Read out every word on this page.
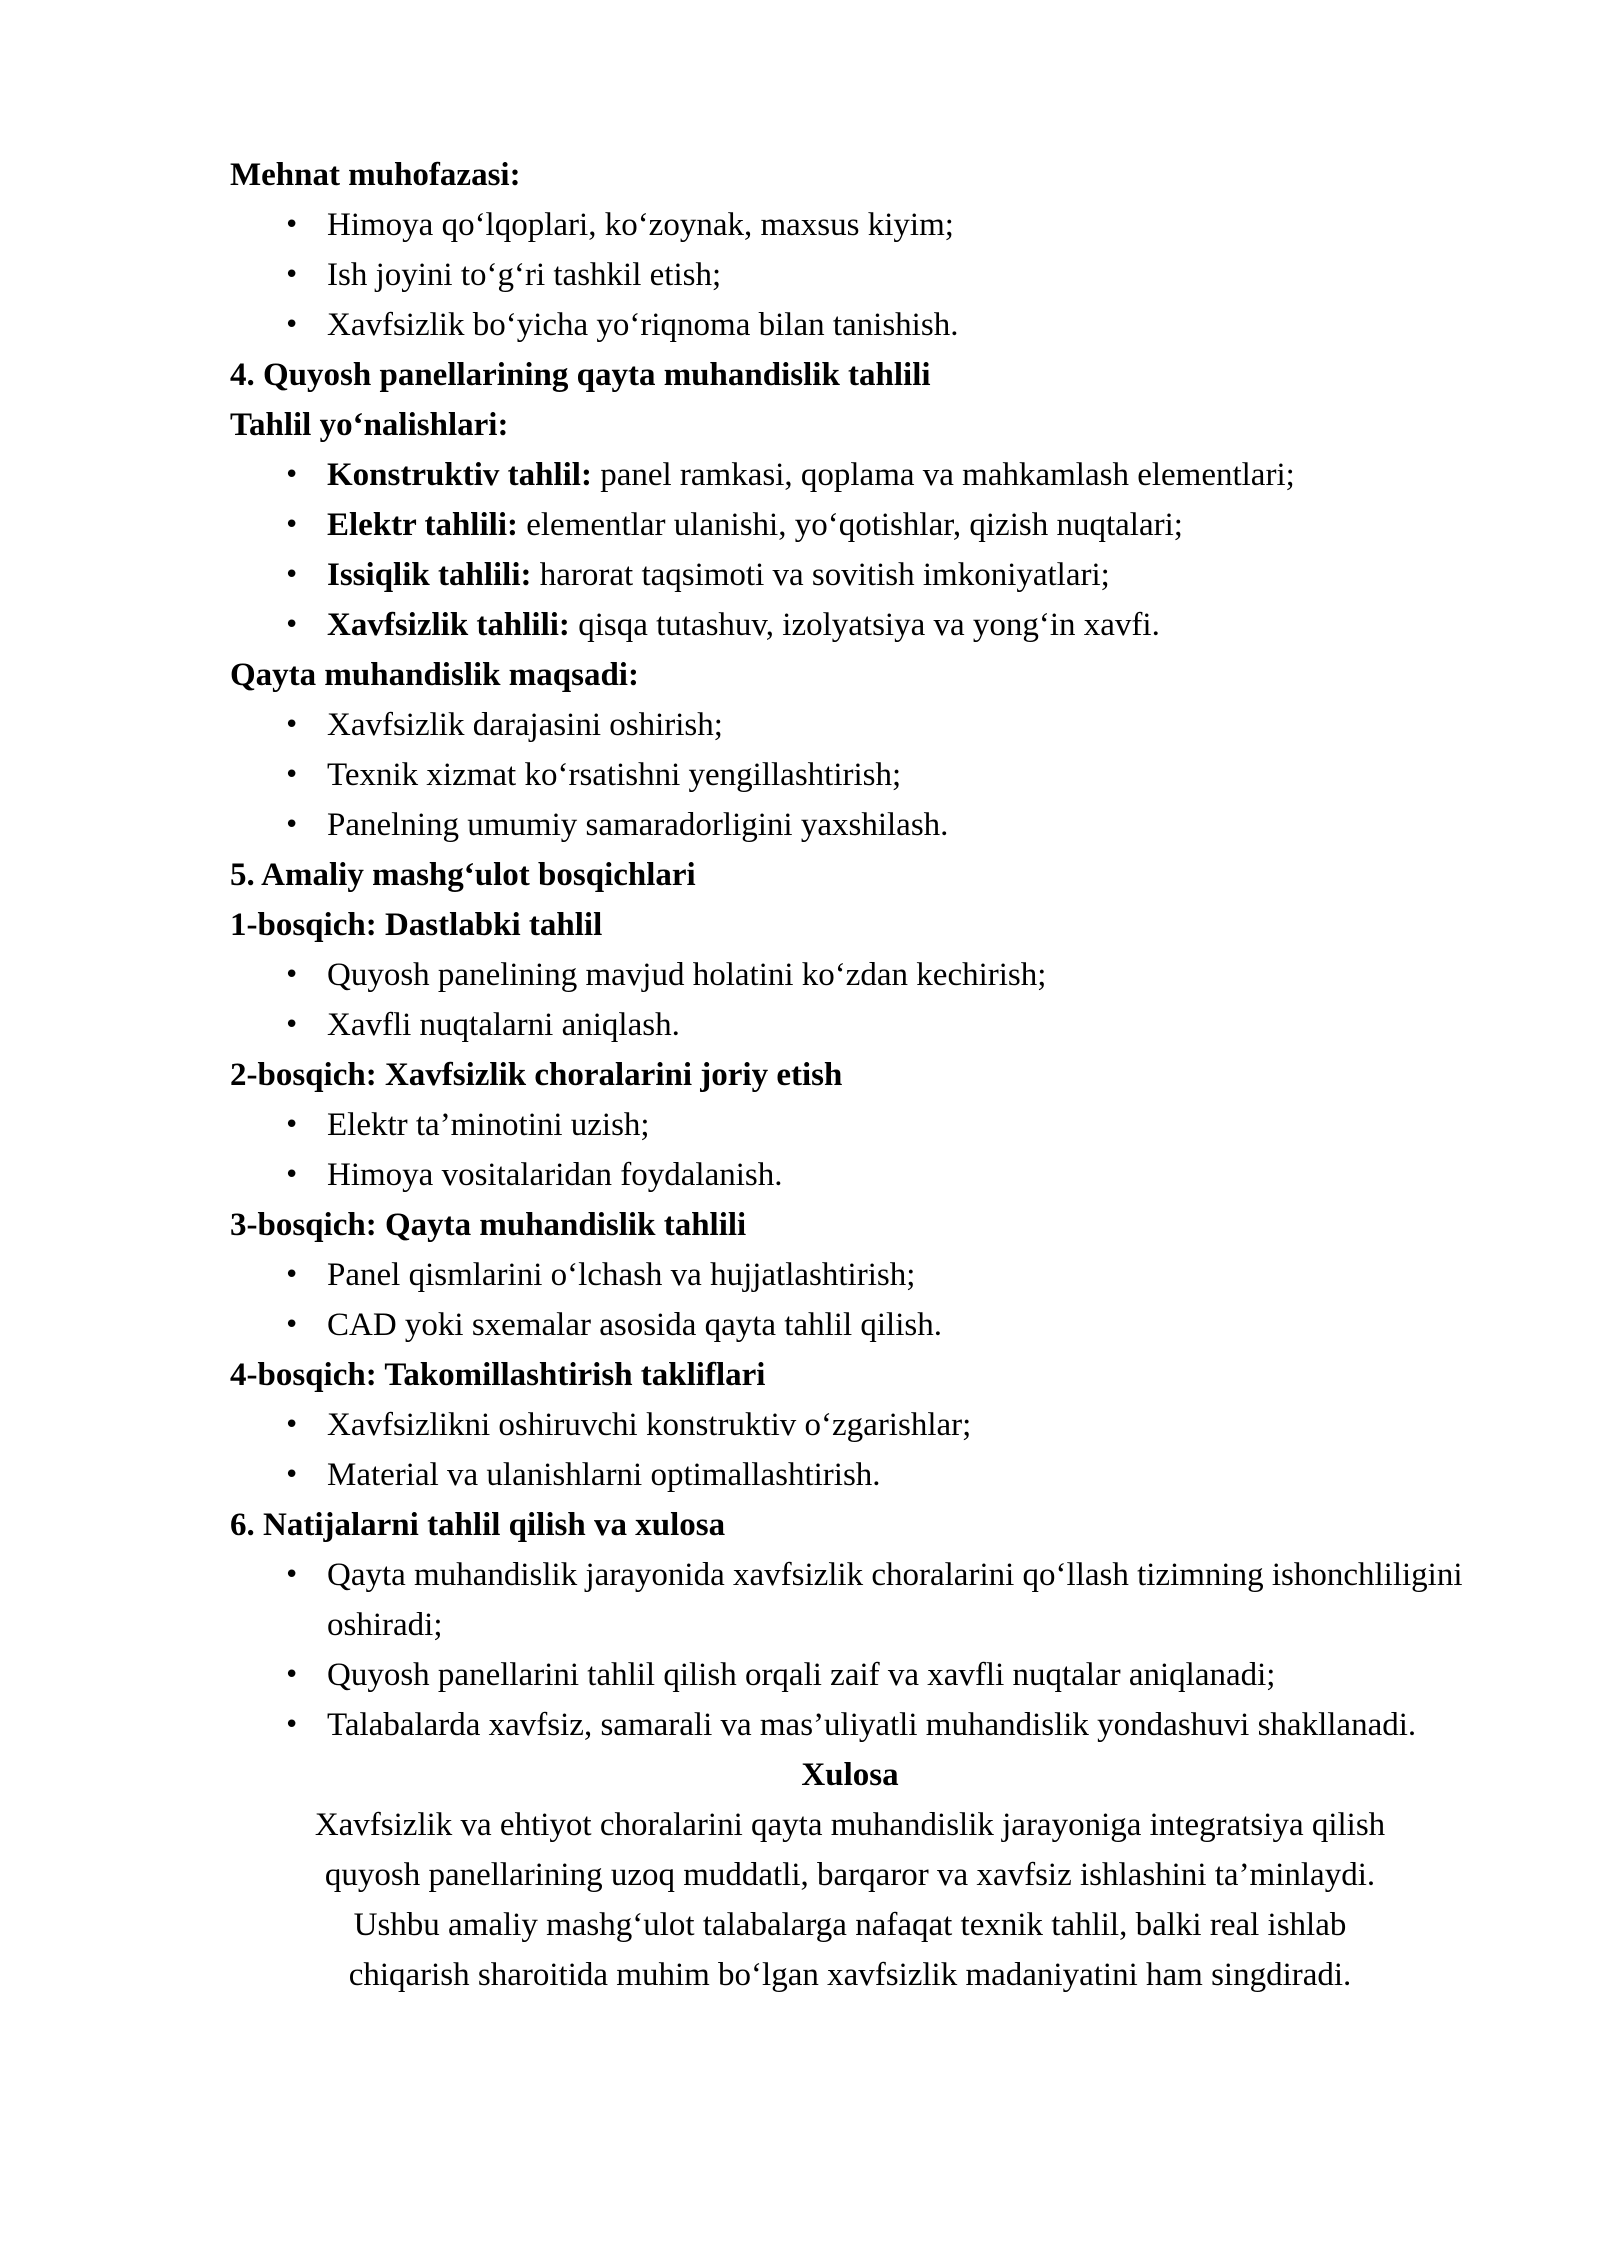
Mehnat muhofazasi:

• Himoya qo‘lqoplari, ko‘zoynak, maxsus kiyim;
• Ish joyini to‘g‘ri tashkil etish;
• Xavfsizlik bo‘yicha yo‘riqnoma bilan tanishish.

4. Quyosh panellarining qayta muhandislik tahlili

Tahlil yo‘nalishlari:

• Konstruktiv tahlil: panel ramkasi, qoplama va mahkamlash elementlari;
• Elektr tahlili: elementlar ulanishi, yo‘qotishlar, qizish nuqtalari;
• Issiqlik tahlili: harorat taqsimoti va sovitish imkoniyatlari;
• Xavfsizlik tahlili: qisqa tutashuv, izolyatsiya va yong‘in xavfi.

Qayta muhandislik maqsadi:

• Xavfsizlik darajasini oshirish;
• Texnik xizmat ko‘rsatishni yengillashtirish;
• Panelning umumiy samaradorligini yaxshilash.

5. Amaliy mashg‘ulot bosqichlari

1-bosqich: Dastlabki tahlil

• Quyosh panelining mavjud holatini ko‘zdan kechirish;
• Xavfli nuqtalarni aniqlash.

2-bosqich: Xavfsizlik choralarini joriy etish

• Elektr ta’minotini uzish;
• Himoya vositalaridan foydalanish.

3-bosqich: Qayta muhandislik tahlili

• Panel qismlarini o‘lchash va hujjatlashtirish;
• CAD yoki sxemalar asosida qayta tahlil qilish.

4-bosqich: Takomillashtirish takliflari

• Xavfsizlikni oshiruvchi konstruktiv o‘zgarishlar;
• Material va ulanishlarni optimallashtirish.

6. Natijalarni tahlil qilish va xulosa

• Qayta muhandislik jarayonida xavfsizlik choralarini qo‘llash tizimning ishonchliligini oshiradi;
• Quyosh panellarini tahlil qilish orqali zaif va xavfli nuqtalar aniqlanadi;
• Talabalarda xavfsiz, samarali va mas’uliyatli muhandislik yondashuvi shakllanadi.

Xulosa

Xavfsizlik va ehtiyot choralarini qayta muhandislik jarayoniga integratsiya qilish
quyosh panellarining uzoq muddatli, barqaror va xavfsiz ishlashini ta’minlaydi.
Ushbu amaliy mashg‘ulot talabalarga nafaqat texnik tahlil, balki real ishlab
chiqarish sharoitida muhim bo‘lgan xavfsizlik madaniyatini ham singdiradi.
